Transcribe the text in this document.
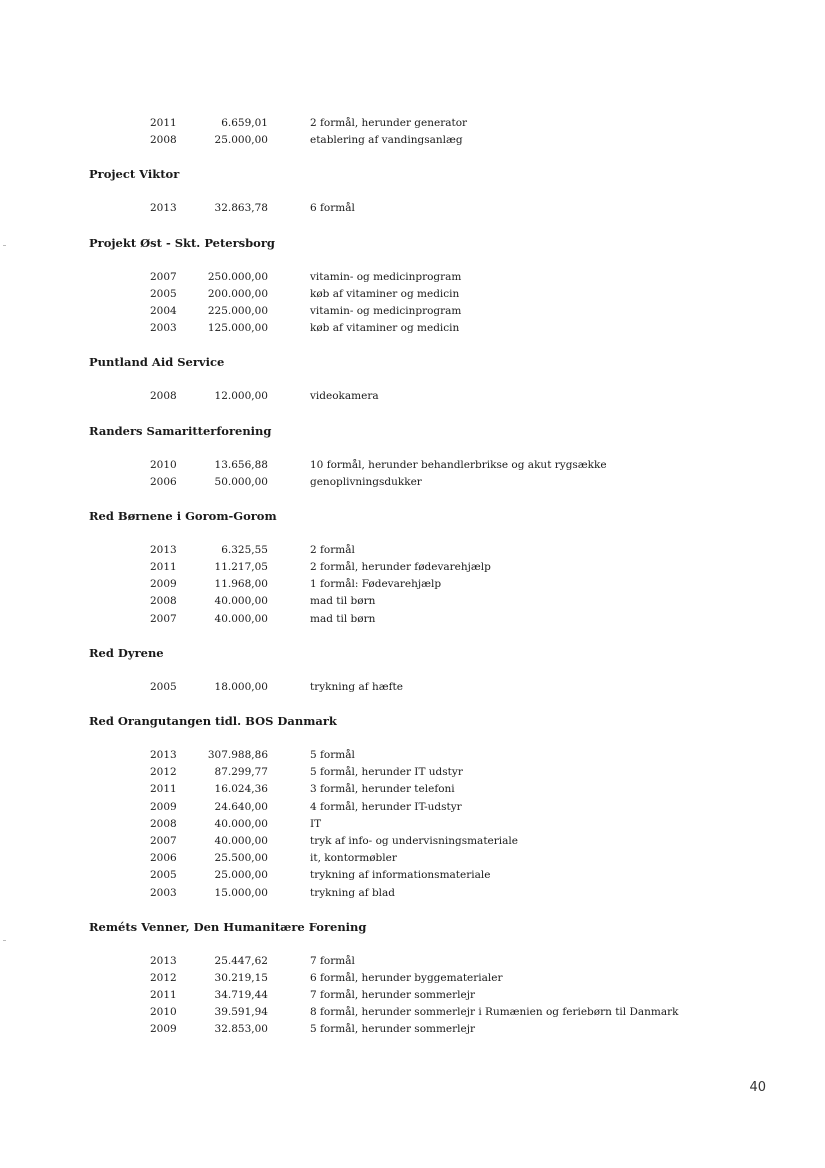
2011	6.659,01	2 formål, herunder generator
2008	25.000,00	etablering af vandingsanlæg
Project Viktor
2013	32.863,78	6 formål
Projekt Øst - Skt. Petersborg
2007	250.000,00	vitamin- og medicinprogram
2005	200.000,00	køb af vitaminer og medicin
2004	225.000,00	vitamin- og medicinprogram
2003	125.000,00	køb af vitaminer og medicin
Puntland Aid Service
2008	12.000,00	videokamera
Randers Samaritterforening
2010	13.656,88	10 formål, herunder behandlerbrikse og akut rygsække
2006	50.000,00	genoplivningsdukker
Red Børnene i Gorom-Gorom
2013	6.325,55	2 formål
2011	11.217,05	2 formål, herunder fødevarehjælp
2009	11.968,00	1 formål: Fødevarehjælp
2008	40.000,00	mad til børn
2007	40.000,00	mad til børn
Red Dyrene
2005	18.000,00	trykning af hæfte
Red Orangutangen tidl. BOS Danmark
2013	307.988,86	5 formål
2012	87.299,77	5 formål, herunder IT udstyr
2011	16.024,36	3 formål, herunder telefoni
2009	24.640,00	4 formål, herunder IT-udstyr
2008	40.000,00	IT
2007	40.000,00	tryk af info- og undervisningsmateriale
2006	25.500,00	it, kontormøbler
2005	25.000,00	trykning af informationsmateriale
2003	15.000,00	trykning af blad
Reméts Venner, Den Humanitære Forening
2013	25.447,62	7 formål
2012	30.219,15	6 formål, herunder byggematerialer
2011	34.719,44	7 formål, herunder sommerlejr
2010	39.591,94	8 formål, herunder sommerlejr i Rumænien og feriebørn til Danmark
2009	32.853,00	5 formål, herunder sommerlejr
40
